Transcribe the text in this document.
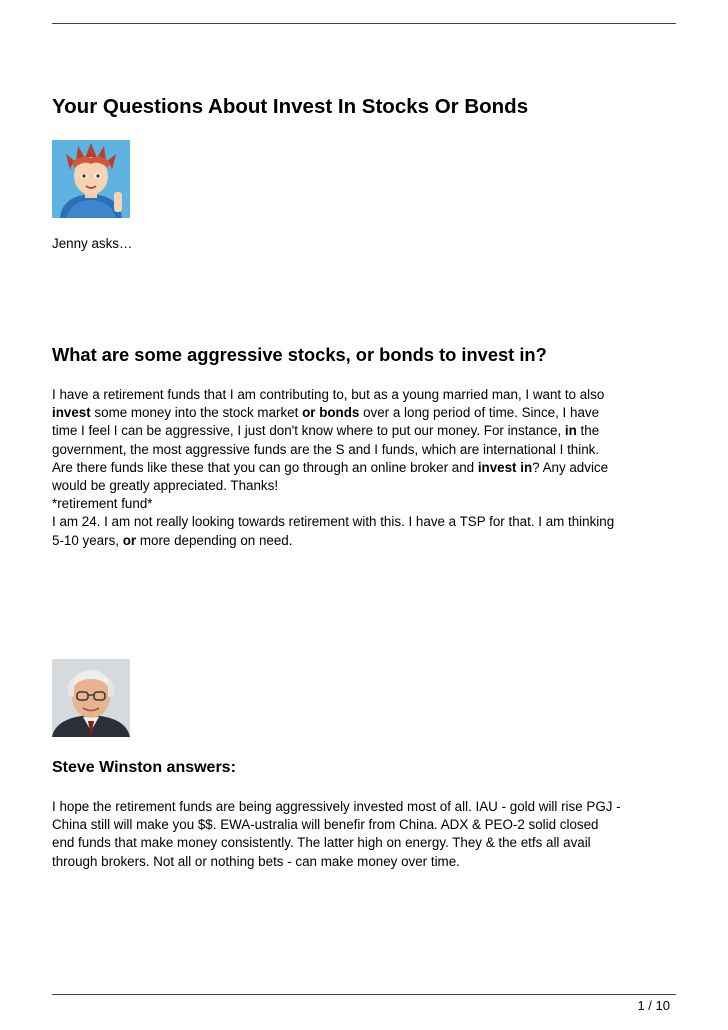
Your Questions About Invest In Stocks Or Bonds

Jenny asks…

What are some aggressive stocks, or bonds to invest in?
I have a retirement funds that I am contributing to, but as a young married man, I want to also
invest some money into the stock market or bonds over a long period of time. Since, I have
time I feel I can be aggressive, I just don't know where to put our money. For instance, in the
government, the most aggressive funds are the S and I funds, which are international I think.
Are there funds like these that you can go through an online broker and invest in? Any advice
would be greatly appreciated. Thanks!
*retirement fund*
I am 24. I am not really looking towards retirement with this. I have a TSP for that. I am thinking
5-10 years, or more depending on need.
Steve Winston answers:
I hope the retirement funds are being aggressively invested most of all. IAU - gold will rise PGJ -
China still will make you $$. EWA-ustralia will benefir from China. ADX & PEO-2 solid closed
end funds that make money consistently. The latter high on energy. They & the etfs all avail
through brokers. Not all or nothing bets - can make money over time.
1 / 10
